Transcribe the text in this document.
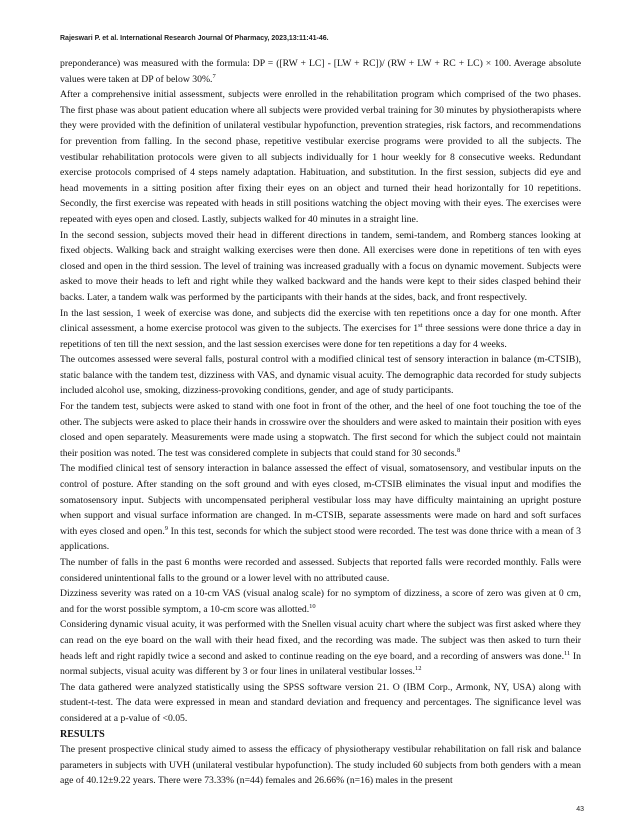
Rajeswari P. et al. International Research Journal Of Pharmacy, 2023,13:11:41-46.

preponderance) was measured with the formula: DP = ([RW + LC] - [LW + RC])/ (RW + LW + RC + LC) × 100. Average absolute values were taken at DP of below 30%.$^7$

After a comprehensive initial assessment, subjects were enrolled in the rehabilitation program which comprised of the two phases. The first phase was about patient education where all subjects were provided verbal training for 30 minutes by physiotherapists where they were provided with the definition of unilateral vestibular hypofunction, prevention strategies, risk factors, and recommendations for prevention from falling. In the second phase, repetitive vestibular exercise programs were provided to all the subjects. The vestibular rehabilitation protocols were given to all subjects individually for 1 hour weekly for 8 consecutive weeks. Redundant exercise protocols comprised of 4 steps namely adaptation. Habituation, and substitution. In the first session, subjects did eye and head movements in a sitting position after fixing their eyes on an object and turned their head horizontally for 10 repetitions. Secondly, the first exercise was repeated with heads in still positions watching the object moving with their eyes. The exercises were repeated with eyes open and closed. Lastly, subjects walked for 40 minutes in a straight line.

In the second session, subjects moved their head in different directions in tandem, semi-tandem, and Romberg stances looking at fixed objects. Walking back and straight walking exercises were then done. All exercises were done in repetitions of ten with eyes closed and open in the third session. The level of training was increased gradually with a focus on dynamic movement. Subjects were asked to move their heads to left and right while they walked backward and the hands were kept to their sides clasped behind their backs. Later, a tandem walk was performed by the participants with their hands at the sides, back, and front respectively.

In the last session, 1 week of exercise was done, and subjects did the exercise with ten repetitions once a day for one month. After clinical assessment, a home exercise protocol was given to the subjects. The exercises for 1st three sessions were done thrice a day in repetitions of ten till the next session, and the last session exercises were done for ten repetitions a day for 4 weeks.

The outcomes assessed were several falls, postural control with a modified clinical test of sensory interaction in balance (m-CTSIB), static balance with the tandem test, dizziness with VAS, and dynamic visual acuity. The demographic data recorded for study subjects included alcohol use, smoking, dizziness-provoking conditions, gender, and age of study participants.

For the tandem test, subjects were asked to stand with one foot in front of the other, and the heel of one foot touching the toe of the other. The subjects were asked to place their hands in crosswire over the shoulders and were asked to maintain their position with eyes closed and open separately. Measurements were made using a stopwatch. The first second for which the subject could not maintain their position was noted. The test was considered complete in subjects that could stand for 30 seconds.$^8$

The modified clinical test of sensory interaction in balance assessed the effect of visual, somatosensory, and vestibular inputs on the control of posture. After standing on the soft ground and with eyes closed, m-CTSIB eliminates the visual input and modifies the somatosensory input. Subjects with uncompensated peripheral vestibular loss may have difficulty maintaining an upright posture when support and visual surface information are changed. In m-CTSIB, separate assessments were made on hard and soft surfaces with eyes closed and open.$^9$ In this test, seconds for which the subject stood were recorded. The test was done thrice with a mean of 3 applications.

The number of falls in the past 6 months were recorded and assessed. Subjects that reported falls were recorded monthly. Falls were considered unintentional falls to the ground or a lower level with no attributed cause.

Dizziness severity was rated on a 10-cm VAS (visual analog scale) for no symptom of dizziness, a score of zero was given at 0 cm, and for the worst possible symptom, a 10-cm score was allotted.$^{10}$

Considering dynamic visual acuity, it was performed with the Snellen visual acuity chart where the subject was first asked where they can read on the eye board on the wall with their head fixed, and the recording was made. The subject was then asked to turn their heads left and right rapidly twice a second and asked to continue reading on the eye board, and a recording of answers was done.$^{11}$ In normal subjects, visual acuity was different by 3 or four lines in unilateral vestibular losses.$^{12}$

The data gathered were analyzed statistically using the SPSS software version 21. O (IBM Corp., Armonk, NY, USA) along with student-t-test. The data were expressed in mean and standard deviation and frequency and percentages. The significance level was considered at a p-value of <0.05.

RESULTS

The present prospective clinical study aimed to assess the efficacy of physiotherapy vestibular rehabilitation on fall risk and balance parameters in subjects with UVH (unilateral vestibular hypofunction). The study included 60 subjects from both genders with a mean age of 40.12±9.22 years. There were 73.33% (n=44) females and 26.66% (n=16) males in the present

43
